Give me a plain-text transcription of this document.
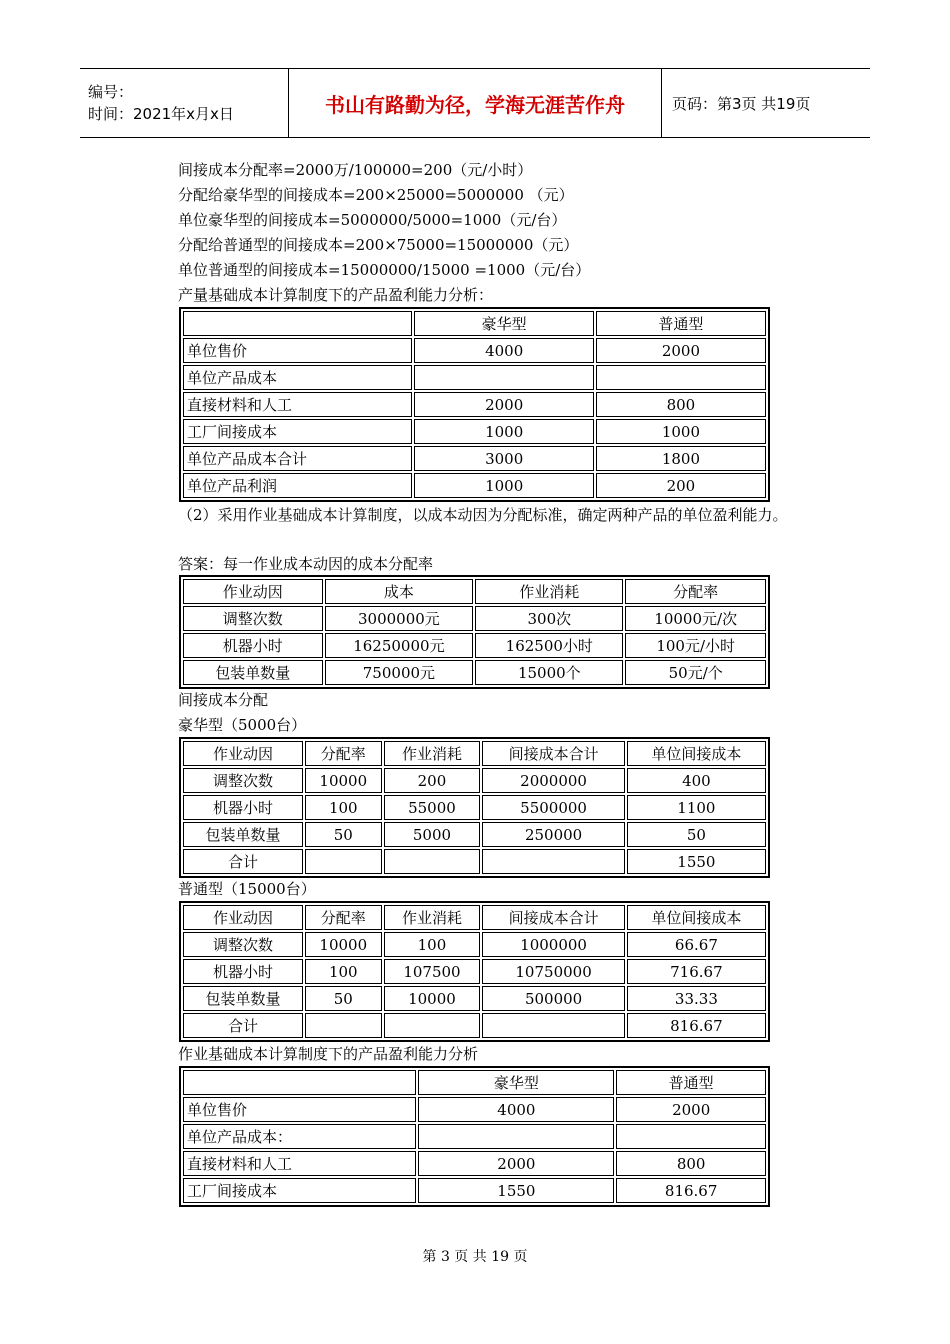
编号：
时间：2021年x月x日	书山有路勤为径，学海无涯苦作舟	页码：第3页 共19页
间接成本分配率=2000万/100000=200（元/小时）
分配给豪华型的间接成本=200×25000=5000000 （元）
单位豪华型的间接成本=5000000/5000=1000（元/台）
分配给普通型的间接成本=200×75000=15000000（元）
单位普通型的间接成本=15000000/15000 =1000（元/台）
产量基础成本计算制度下的产品盈利能力分析：
	豪华型	普通型
单位售价	4000	2000
单位产品成本		
直接材料和人工	2000	800
工厂间接成本	1000	1000
单位产品成本合计	3000	1800
单位产品利润	1000	200
（2）采用作业基础成本计算制度，以成本动因为分配标准，确定两种产品的单位盈利能力。
答案：每一作业成本动因的成本分配率
作业动因	成本	作业消耗	分配率
调整次数	3000000元	300次	10000元/次
机器小时	16250000元	162500小时	100元/小时
包装单数量	750000元	15000个	50元/个
间接成本分配
豪华型（5000台）
作业动因	分配率	作业消耗	间接成本合计	单位间接成本
调整次数	10000	200	2000000	400
机器小时	100	55000	5500000	1100
包装单数量	50	5000	250000	50
合计				1550
普通型（15000台）
作业动因	分配率	作业消耗	间接成本合计	单位间接成本
调整次数	10000	100	1000000	66.67
机器小时	100	107500	10750000	716.67
包装单数量	50	10000	500000	33.33
合计				816.67
作业基础成本计算制度下的产品盈利能力分析
	豪华型	普通型
单位售价	4000	2000
单位产品成本：		
直接材料和人工	2000	800
工厂间接成本	1550	816.67
第 3 页 共 19 页
